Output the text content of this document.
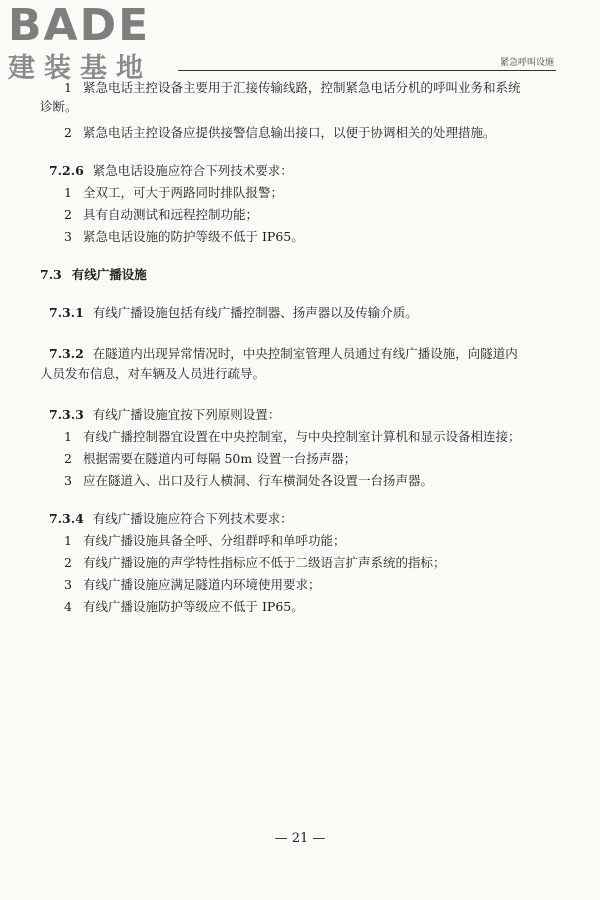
BADE
建装基地	紧急呼叫设施
1 紧急电话主控设备主要用于汇接传输线路，控制紧急电话分机的呼叫业务和系统
诊断。
2 紧急电话主控设备应提供接警信息输出接口，以便于协调相关的处理措施。
7.2.6 紧急电话设施应符合下列技术要求：
1 全双工，可大于两路同时排队报警；
2 具有自动测试和远程控制功能；
3 紧急电话设施的防护等级不低于 IP65。
7.3 有线广播设施
7.3.1 有线广播设施包括有线广播控制器、扬声器以及传输介质。
7.3.2 在隧道内出现异常情况时，中央控制室管理人员通过有线广播设施，向隧道内
人员发布信息，对车辆及人员进行疏导。
7.3.3 有线广播设施宜按下列原则设置：
1 有线广播控制器宜设置在中央控制室，与中央控制室计算机和显示设备相连接；
2 根据需要在隧道内可每隔 50m 设置一台扬声器；
3 应在隧道入、出口及行人横洞、行车横洞处各设置一台扬声器。
7.3.4 有线广播设施应符合下列技术要求：
1 有线广播设施具备全呼、分组群呼和单呼功能；
2 有线广播设施的声学特性指标应不低于二级语言扩声系统的指标；
3 有线广播设施应满足隧道内环境使用要求；
4 有线广播设施防护等级应不低于 IP65。
— 21 —
